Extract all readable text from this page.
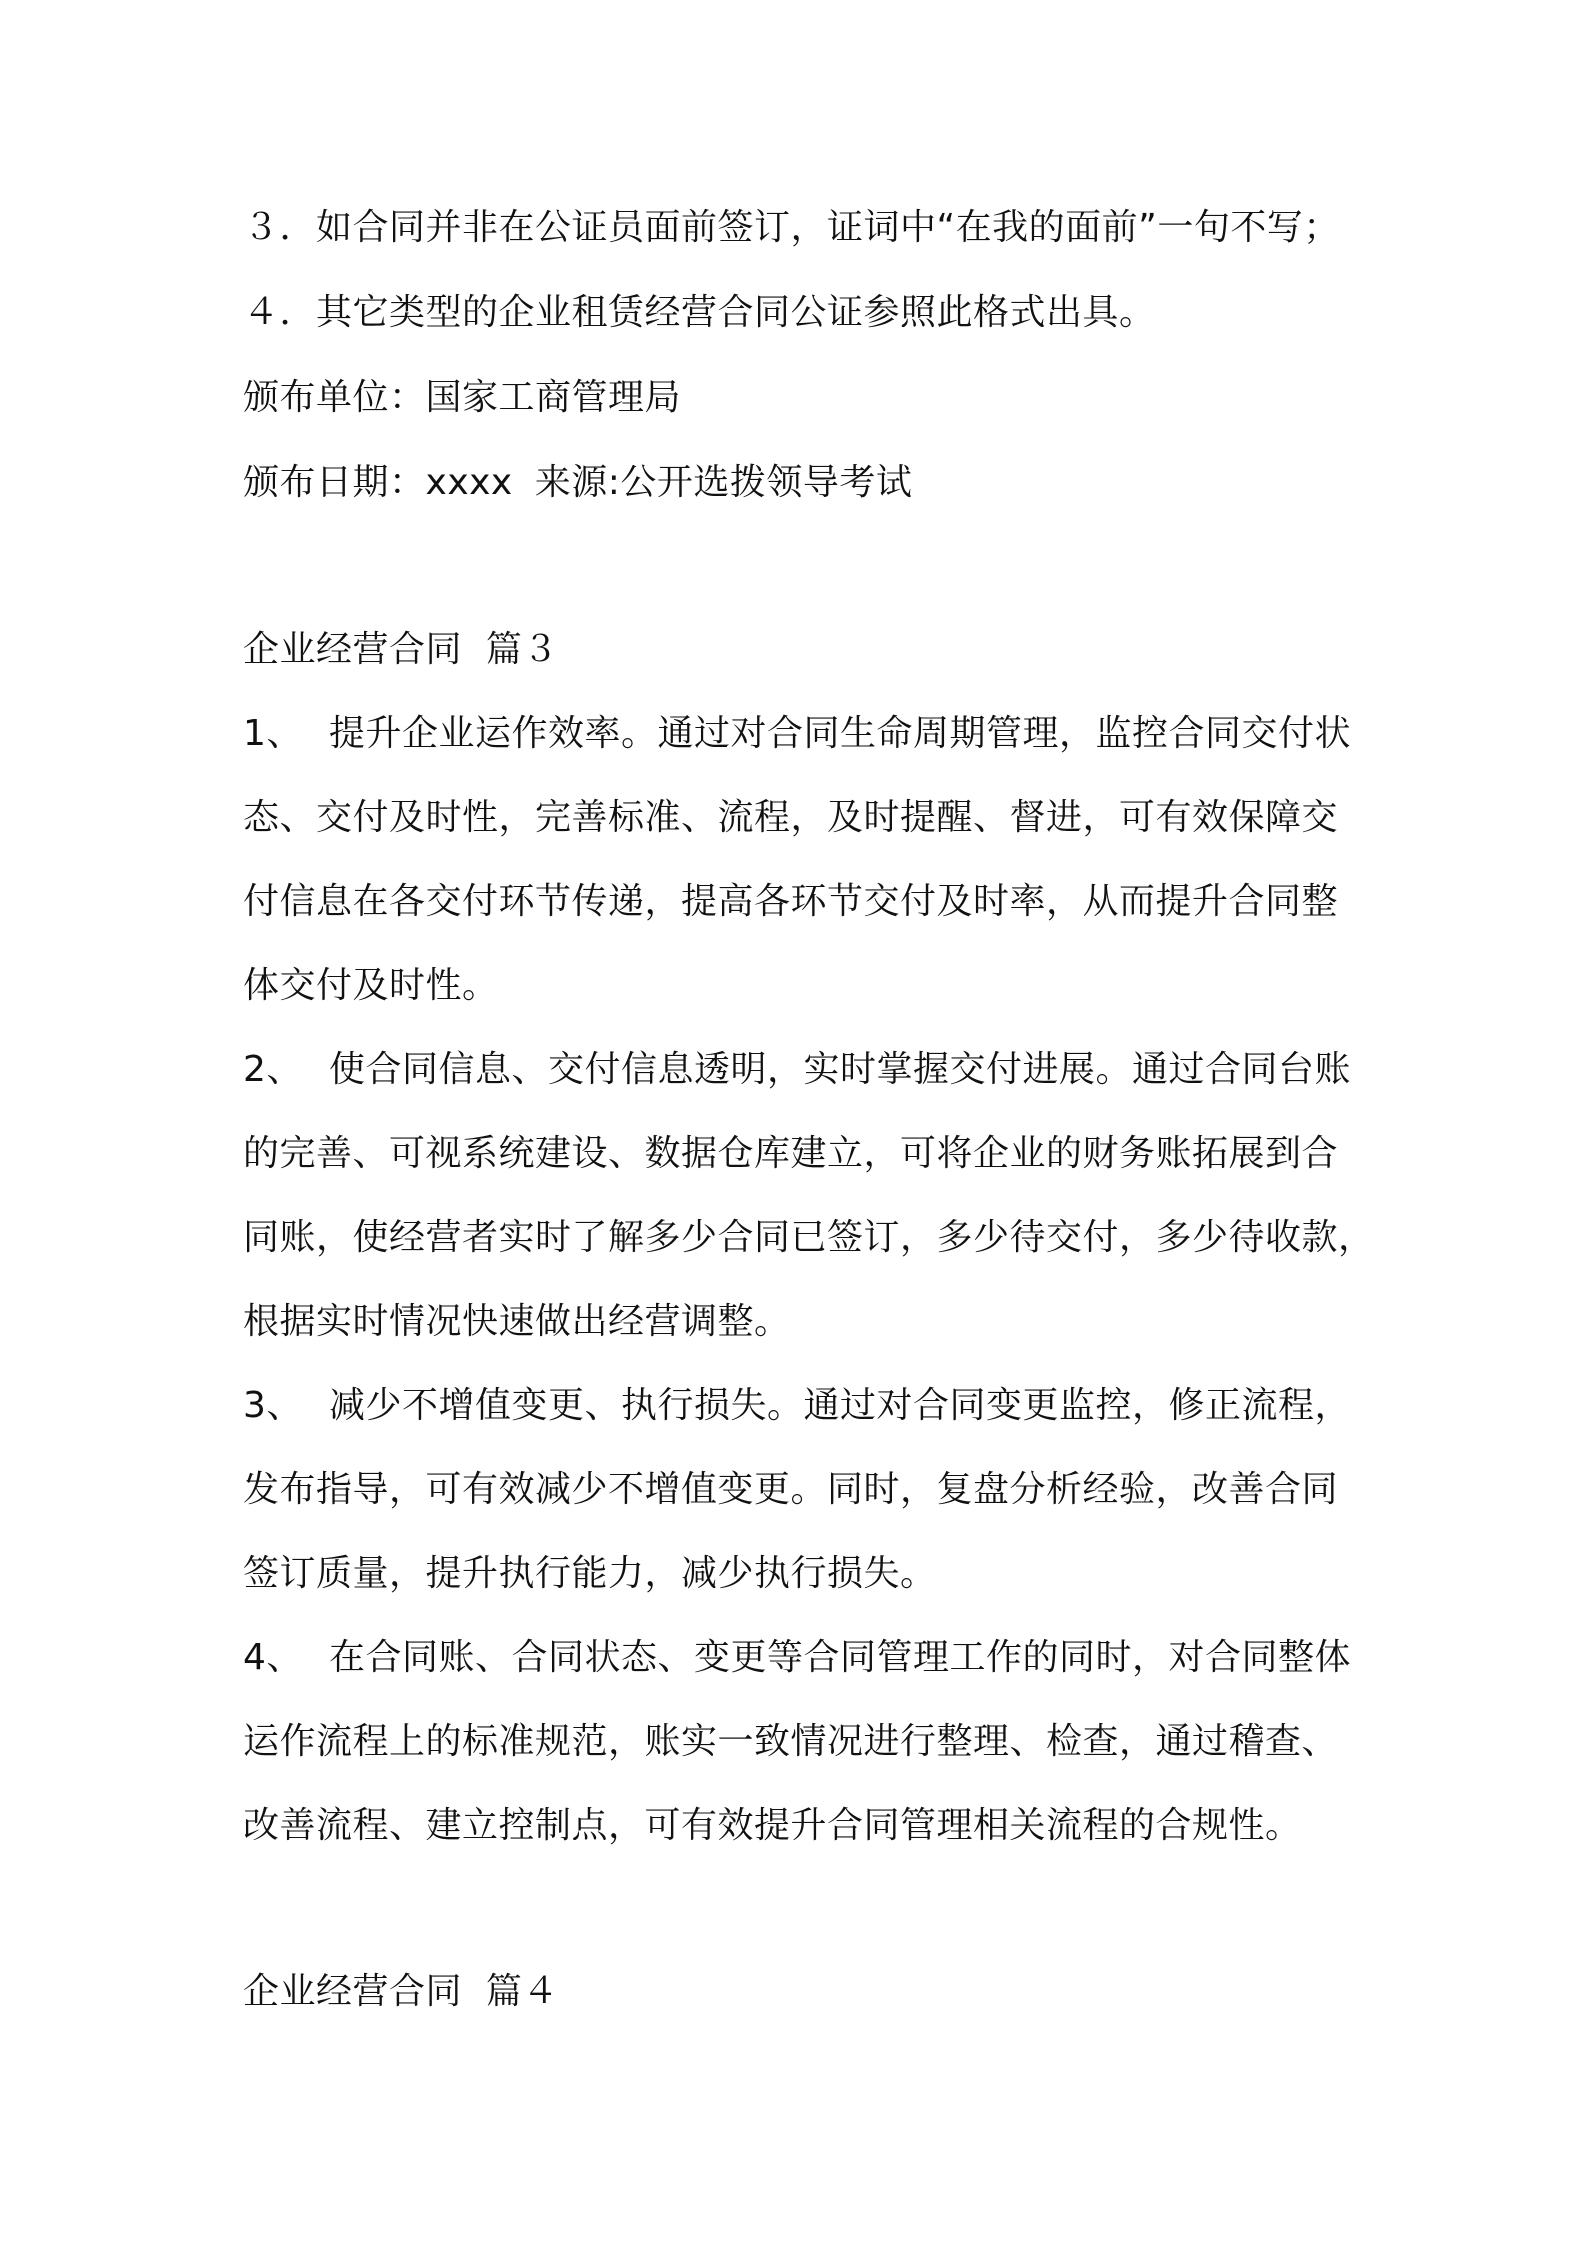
３．如合同并非在公证员面前签订，证词中“在我的面前”一句不写；
４．其它类型的企业租赁经营合同公证参照此格式出具。
颁布单位：国家工商管理局
颁布日期：xxxx 来源:公开选拨领导考试
企业经营合同  篇３
1、 提升企业运作效率。通过对合同生命周期管理，监控合同交付状
态、交付及时性，完善标准、流程，及时提醒、督进，可有效保障交
付信息在各交付环节传递，提高各环节交付及时率，从而提升合同整
体交付及时性。
2、 使合同信息、交付信息透明，实时掌握交付进展。通过合同台账
的完善、可视系统建设、数据仓库建立，可将企业的财务账拓展到合
同账，使经营者实时了解多少合同已签订，多少待交付，多少待收款，
根据实时情况快速做出经营调整。
3、 减少不增值变更、执行损失。通过对合同变更监控，修正流程，
发布指导，可有效减少不增值变更。同时，复盘分析经验，改善合同
签订质量，提升执行能力，减少执行损失。
4、 在合同账、合同状态、变更等合同管理工作的同时，对合同整体
运作流程上的标准规范，账实一致情况进行整理、检查，通过稽查、
改善流程、建立控制点，可有效提升合同管理相关流程的合规性。
企业经营合同  篇４
